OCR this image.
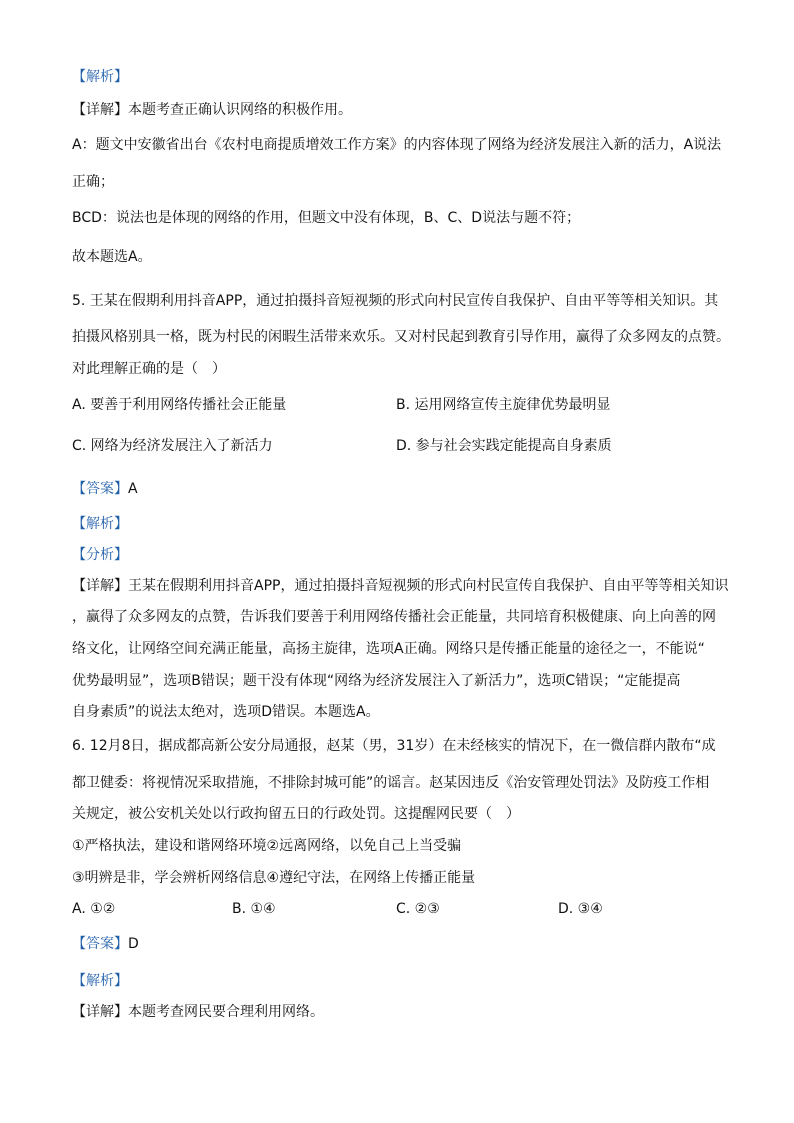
【解析】
【详解】本题考查正确认识网络的积极作用。
A：题文中安徽省出台《农村电商提质增效工作方案》的内容体现了网络为经济发展注入新的活力，A说法
正确；
BCD：说法也是体现的网络的作用，但题文中没有体现，B、C、D说法与题不符；
故本题选A。
5. 王某在假期利用抖音APP，通过拍摄抖音短视频的形式向村民宣传自我保护、自由平等等相关知识。其
拍摄风格别具一格，既为村民的闲暇生活带来欢乐。又对村民起到教育引导作用，赢得了众多网友的点赞。
对此理解正确的是（　）
A. 要善于利用网络传播社会正能量	B. 运用网络宣传主旋律优势最明显
C. 网络为经济发展注入了新活力	D. 参与社会实践定能提高自身素质
【答案】A
【解析】
【分析】
【详解】王某在假期利用抖音APP，通过拍摄抖音短视频的形式向村民宣传自我保护、自由平等等相关知识
，赢得了众多网友的点赞，告诉我们要善于利用网络传播社会正能量，共同培育积极健康、向上向善的网
络文化，让网络空间充满正能量，高扬主旋律，选项A正确。网络只是传播正能量的途径之一，不能说“
优势最明显”，选项B错误；题干没有体现“网络为经济发展注入了新活力”，选项C错误；“定能提高
自身素质”的说法太绝对，选项D错误。本题选A。
6. 12月8日，据成都高新公安分局通报，赵某（男，31岁）在未经核实的情况下，在一微信群内散布“成
都卫健委：将视情况采取措施，不排除封城可能”的谣言。赵某因违反《治安管理处罚法》及防疫工作相
关规定，被公安机关处以行政拘留五日的行政处罚。这提醒网民要（　）
①严格执法，建设和谐网络环境②远离网络，以免自己上当受骗
③明辨是非，学会辨析网络信息④遵纪守法，在网络上传播正能量
A. ①②	B. ①④	C. ②③	D. ③④
【答案】D
【解析】
【详解】本题考查网民要合理利用网络。
